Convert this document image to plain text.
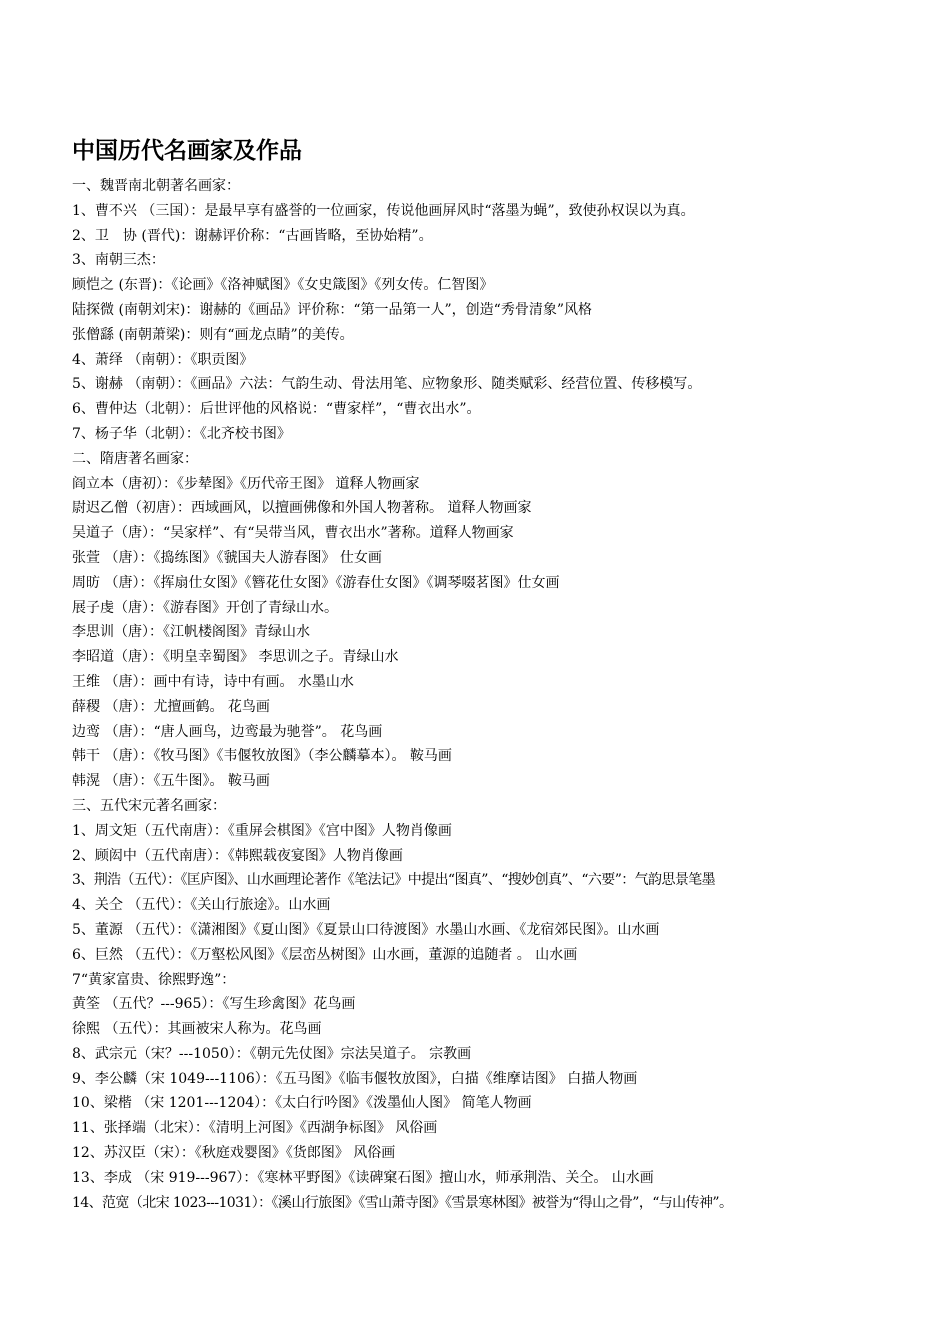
中国历代名画家及作品
一、魏晋南北朝著名画家：
1、曹不兴 （三国）：是最早享有盛誉的一位画家，传说他画屏风时“落墨为蝇”，致使孙权误以为真。
2、卫　协 (晋代)：谢赫评价称：“古画皆略，至协始精”。
3、南朝三杰：
顾恺之 (东晋)：《论画》《洛神赋图》《女史箴图》《列女传。仁智图》
陆探微 (南朝刘宋)：谢赫的《画品》评价称：“第一品第一人”，创造“秀骨清象”风格
张僧繇 (南朝萧梁)：则有“画龙点睛”的美传。
4、萧绎 （南朝）：《职贡图》
5、谢赫 （南朝）：《画品》六法：气韵生动、骨法用笔、应物象形、随类赋彩、经营位置、传移模写。
6、曹仲达（北朝）：后世评他的风格说：“曹家样”，“曹衣出水”。
7、杨子华（北朝）：《北齐校书图》
二、隋唐著名画家：
阎立本（唐初）：《步辇图》《历代帝王图》 道释人物画家
尉迟乙僧（初唐）：西域画风，以擅画佛像和外国人物著称。 道释人物画家
吴道子（唐）：“吴家样”、有“吴带当风，曹衣出水”著称。道释人物画家
张萱 （唐）：《捣练图》《虢国夫人游春图》 仕女画
周昉 （唐）：《挥扇仕女图》《簪花仕女图》《游春仕女图》《调琴啜茗图》仕女画
展子虔（唐）：《游春图》开创了青绿山水。
李思训（唐）：《江帆楼阁图》青绿山水
李昭道（唐）：《明皇幸蜀图》 李思训之子。青绿山水
王维 （唐）：画中有诗，诗中有画。 水墨山水
薛稷 （唐）：尤擅画鹤。 花鸟画
边鸾 （唐）：“唐人画鸟，边鸾最为驰誉”。 花鸟画
韩干 （唐）：《牧马图》《韦偃牧放图》（李公麟摹本）。 鞍马画
韩滉 （唐）：《五牛图》。 鞍马画
三、五代宋元著名画家：
1、周文矩（五代南唐）：《重屏会棋图》《宫中图》人物肖像画
2、顾闳中（五代南唐）：《韩熙载夜宴图》人物肖像画
3、荆浩（五代）：《匡庐图》、山水画理论著作《笔法记》中提出“图真”、“搜妙创真”、“六要”：气韵思景笔墨
4、关仝 （五代）：《关山行旅途》。山水画
5、董源 （五代）：《潇湘图》《夏山图》《夏景山口待渡图》水墨山水画、《龙宿郊民图》。山水画
6、巨然 （五代）：《万壑松风图》《层峦丛树图》山水画，董源的追随者 。 山水画
7“黄家富贵、徐熙野逸”：
黄筌 （五代？---965）：《写生珍禽图》花鸟画
徐熙 （五代）：其画被宋人称为。花鸟画
8、武宗元（宋？---1050）：《朝元先仗图》宗法吴道子。 宗教画
9、李公麟（宋 1049---1106）：《五马图》《临韦偃牧放图》，白描《维摩诘图》 白描人物画
10、梁楷 （宋 1201---1204）：《太白行吟图》《泼墨仙人图》 简笔人物画
11、张择端（北宋）：《清明上河图》《西湖争标图》 风俗画
12、苏汉臣（宋）：《秋庭戏婴图》《货郎图》 风俗画
13、李成 （宋 919---967）：《寒林平野图》《读碑窠石图》擅山水，师承荆浩、关仝。 山水画
14、范宽（北宋 1023---1031）：《溪山行旅图》《雪山萧寺图》《雪景寒林图》被誉为“得山之骨”，“与山传神”。
